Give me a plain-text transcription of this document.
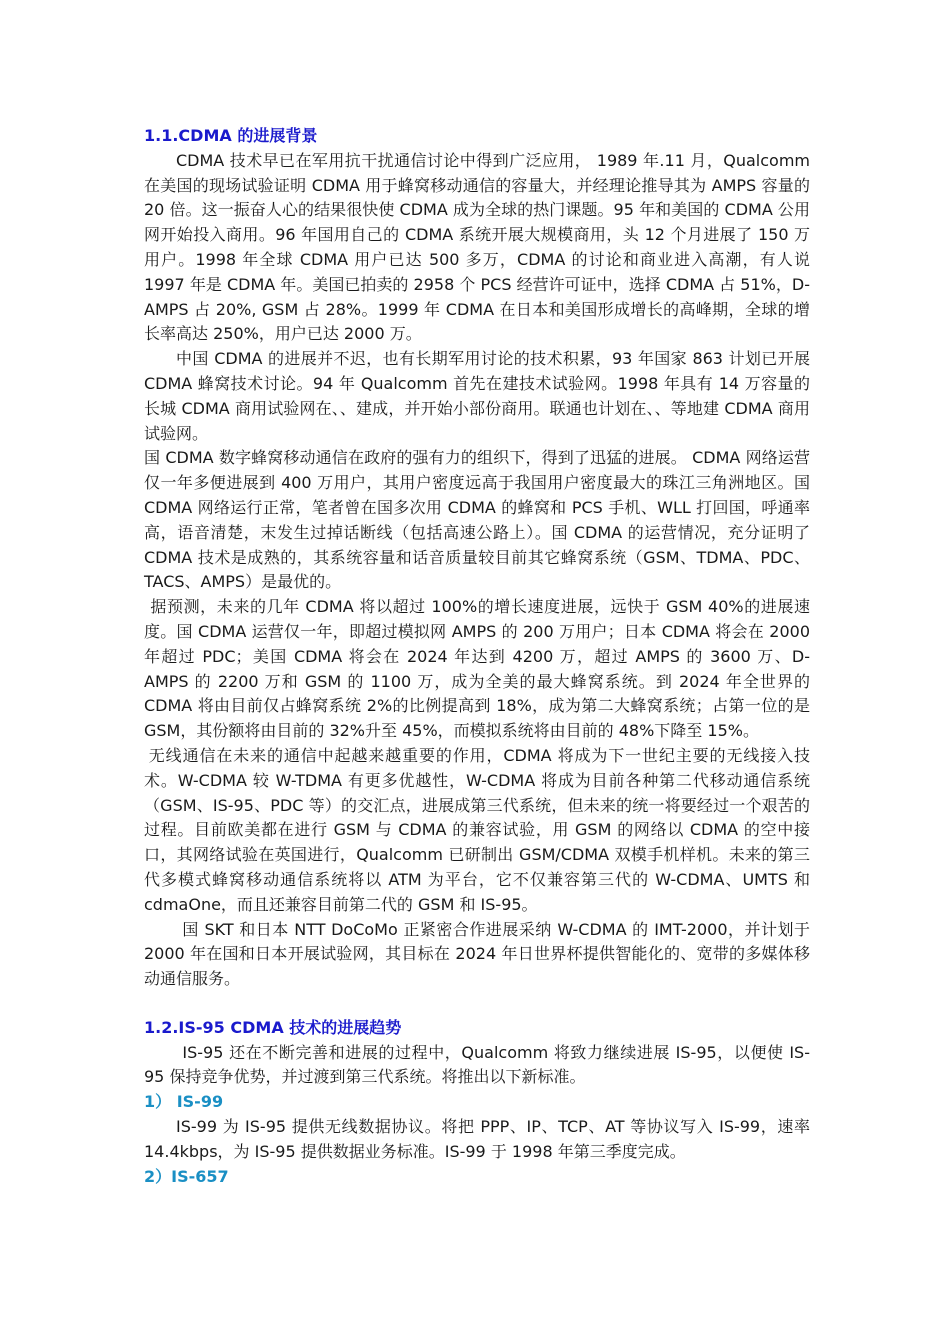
1.1.CDMA 的进展背景

CDMA 技术早已在军用抗干扰通信讨论中得到广泛应用， 1989 年.11 月，Qualcomm 在美国的现场试验证明 CDMA 用于蜂窝移动通信的容量大，并经理论推导其为 AMPS 容量的 20 倍。这一振奋人心的结果很快使 CDMA 成为全球的热门课题。95 年和美国的 CDMA 公用网开始投入商用。96 年国用自己的 CDMA 系统开展大规模商用，头 12 个月进展了 150 万用户。1998 年全球 CDMA 用户已达 500 多万，CDMA 的讨论和商业进入高潮，有人说 1997 年是 CDMA 年。美国已拍卖的 2958 个 PCS 经营许可证中，选择 CDMA 占 51%，D-AMPS 占 20%, GSM 占 28%。1999 年 CDMA 在日本和美国形成增长的高峰期，全球的增长率高达 250%，用户已达 2000 万。

中国 CDMA 的进展并不迟，也有长期军用讨论的技术积累，93 年国家 863 计划已开展 CDMA 蜂窝技术讨论。94 年 Qualcomm 首先在建技术试验网。1998 年具有 14 万容量的长城 CDMA 商用试验网在、、建成，并开始小部份商用。联通也计划在、、等地建 CDMA 商用试验网。

国 CDMA 数字蜂窝移动通信在政府的强有力的组织下，得到了迅猛的进展。 CDMA 网络运营仅一年多便进展到 400 万用户，其用户密度远高于我国用户密度最大的珠江三角洲地区。国 CDMA 网络运行正常，笔者曾在国多次用 CDMA 的蜂窝和 PCS 手机、WLL 打回国，呼通率高，语音清楚，末发生过掉话断线（包括高速公路上）。国 CDMA 的运营情况，充分证明了 CDMA 技术是成熟的，其系统容量和话音质量较目前其它蜂窝系统（GSM、TDMA、PDC、TACS、AMPS）是最优的。

据预测，未来的几年 CDMA 将以超过 100%的增长速度进展，远快于 GSM 40%的进展速度。国 CDMA 运营仅一年，即超过模拟网 AMPS 的 200 万用户；日本 CDMA 将会在 2000 年超过 PDC；美国 CDMA 将会在 2024 年达到 4200 万，超过 AMPS 的 3600 万、D-AMPS 的 2200 万和 GSM 的 1100 万，成为全美的最大蜂窝系统。到 2024 年全世界的 CDMA 将由目前仅占蜂窝系统 2%的比例提高到 18%，成为第二大蜂窝系统；占第一位的是 GSM，其份额将由目前的 32%升至 45%，而模拟系统将由目前的 48%下降至 15%。

无线通信在未来的通信中起越来越重要的作用，CDMA 将成为下一世纪主要的无线接入技术。W-CDMA 较 W-TDMA 有更多优越性，W-CDMA 将成为目前各种第二代移动通信系统（GSM、IS-95、PDC 等）的交汇点，进展成第三代系统，但未来的统一将要经过一个艰苦的过程。目前欧美都在进行 GSM 与 CDMA 的兼容试验，用 GSM 的网络以 CDMA 的空中接口，其网络试验在英国进行，Qualcomm 已研制出 GSM/CDMA 双模手机样机。未来的第三代多模式蜂窝移动通信系统将以 ATM 为平台，它不仅兼容第三代的 W-CDMA、UMTS 和 cdmaOne，而且还兼容目前第二代的 GSM 和 IS-95。

国 SKT 和日本 NTT DoCoMo 正紧密合作进展采纳 W-CDMA 的 IMT-2000，并计划于 2000 年在国和日本开展试验网，其目标在 2024 年日世界杯提供智能化的、宽带的多媒体移动通信服务。

1.2.IS-95 CDMA 技术的进展趋势

IS-95 还在不断完善和进展的过程中，Qualcomm 将致力继续进展 IS-95，以便使 IS-95 保持竞争优势，并过渡到第三代系统。将推出以下新标准。

1） IS-99

IS-99 为 IS-95 提供无线数据协议。将把 PPP、IP、TCP、AT 等协议写入 IS-99，速率 14.4kbps，为 IS-95 提供数据业务标准。IS-99 于 1998 年第三季度完成。

2）IS-657
